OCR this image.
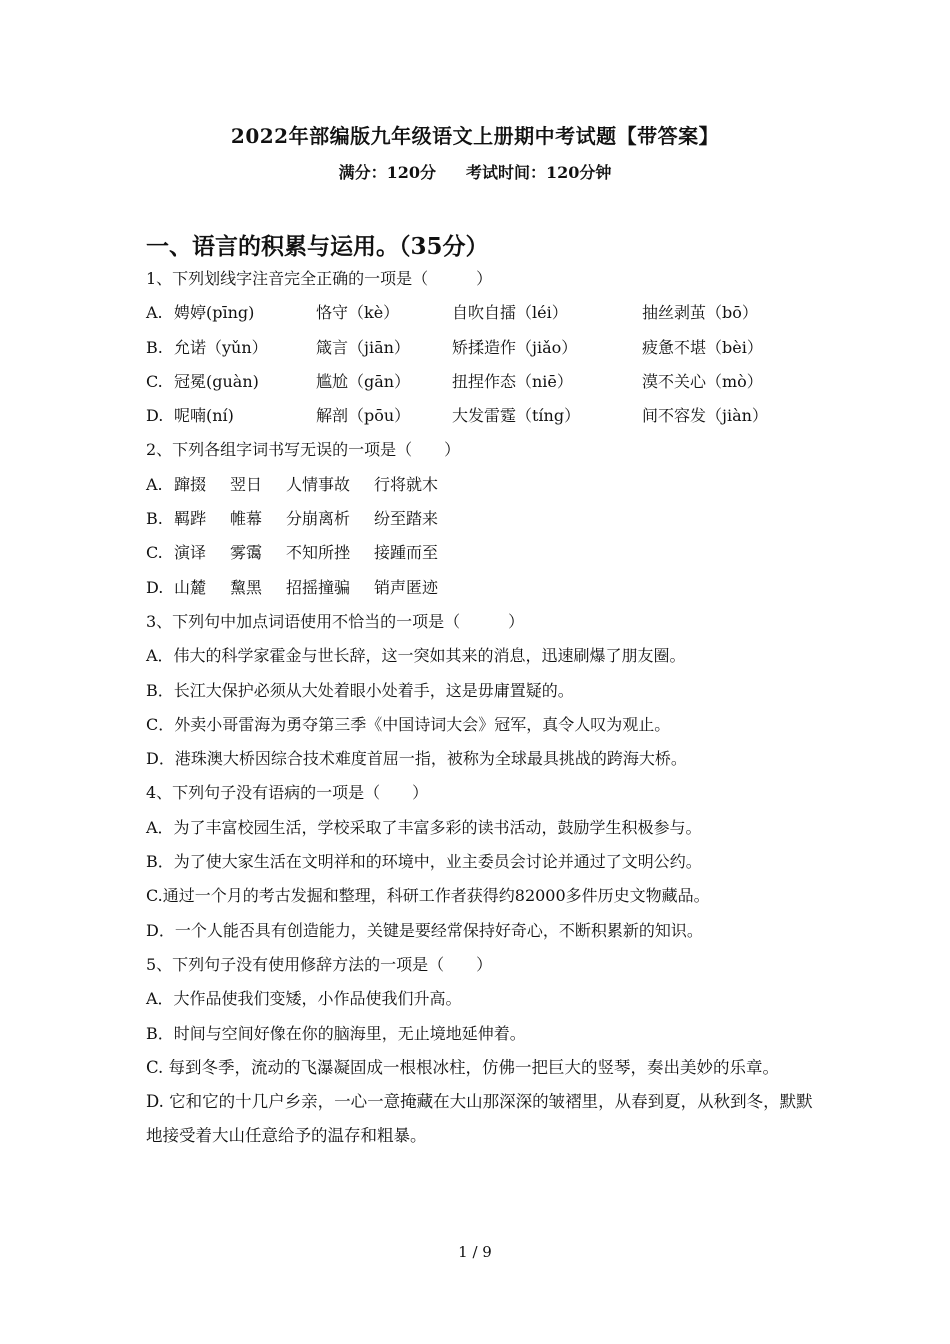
2022年部编版九年级语文上册期中考试题【带答案】
满分：120分 考试时间：120分钟
一、语言的积累与运用。（35分）
1、下列划线字注音完全正确的一项是（　　　）
A. 娉婷(pīng)	恪守（kè）	自吹自擂（léi）	抽丝剥茧（bō）
B. 允诺（yǔn）	箴言（jiān）	矫揉造作（jiǎo）	疲惫不堪（bèi）
C. 冠冕(guàn)	尴尬（gān）	扭捏作态（niē）	漠不关心（mò）
D. 呢喃(ní)	解剖（pōu）	大发雷霆（tíng）	间不容发（jiàn）
2、下列各组字词书写无误的一项是（　　）
A. 蹿掇 翌日 人情事故 行将就木
B. 羁跸 帷幕 分崩离析 纷至踏来
C. 演译 雾霭 不知所挫 接踵而至
D. 山麓 黧黑 招摇撞骗 销声匿迹
3、下列句中加点词语使用不恰当的一项是（　　　）
A．伟大的科学家霍金与世长辞，这一突如其来的消息，迅速刷爆了朋友圈。
B．长江大保护必须从大处着眼小处着手，这是毋庸置疑的。
C．外卖小哥雷海为勇夺第三季《中国诗词大会》冠军，真令人叹为观止。
D．港珠澳大桥因综合技术难度首屈一指，被称为全球最具挑战的跨海大桥。
4、下列句子没有语病的一项是（　　）
A．为了丰富校园生活，学校采取了丰富多彩的读书活动，鼓励学生积极参与。
B．为了使大家生活在文明祥和的环境中，业主委员会讨论并通过了文明公约。
C.通过一个月的考古发掘和整理，科研工作者获得约82000多件历史文物藏品。
D．一个人能否具有创造能力，关键是要经常保持好奇心，不断积累新的知识。
5、下列句子没有使用修辞方法的一项是（　　）
A．大作品使我们变矮，小作品使我们升高。
B．时间与空间好像在你的脑海里，无止境地延伸着。
C. 每到冬季，流动的飞瀑凝固成一根根冰柱，仿佛一把巨大的竖琴，奏出美妙的乐章。
D. 它和它的十几户乡亲，一心一意掩藏在大山那深深的皱褶里，从春到夏，从秋到冬，默默地接受着大山任意给予的温存和粗暴。
1 / 9
